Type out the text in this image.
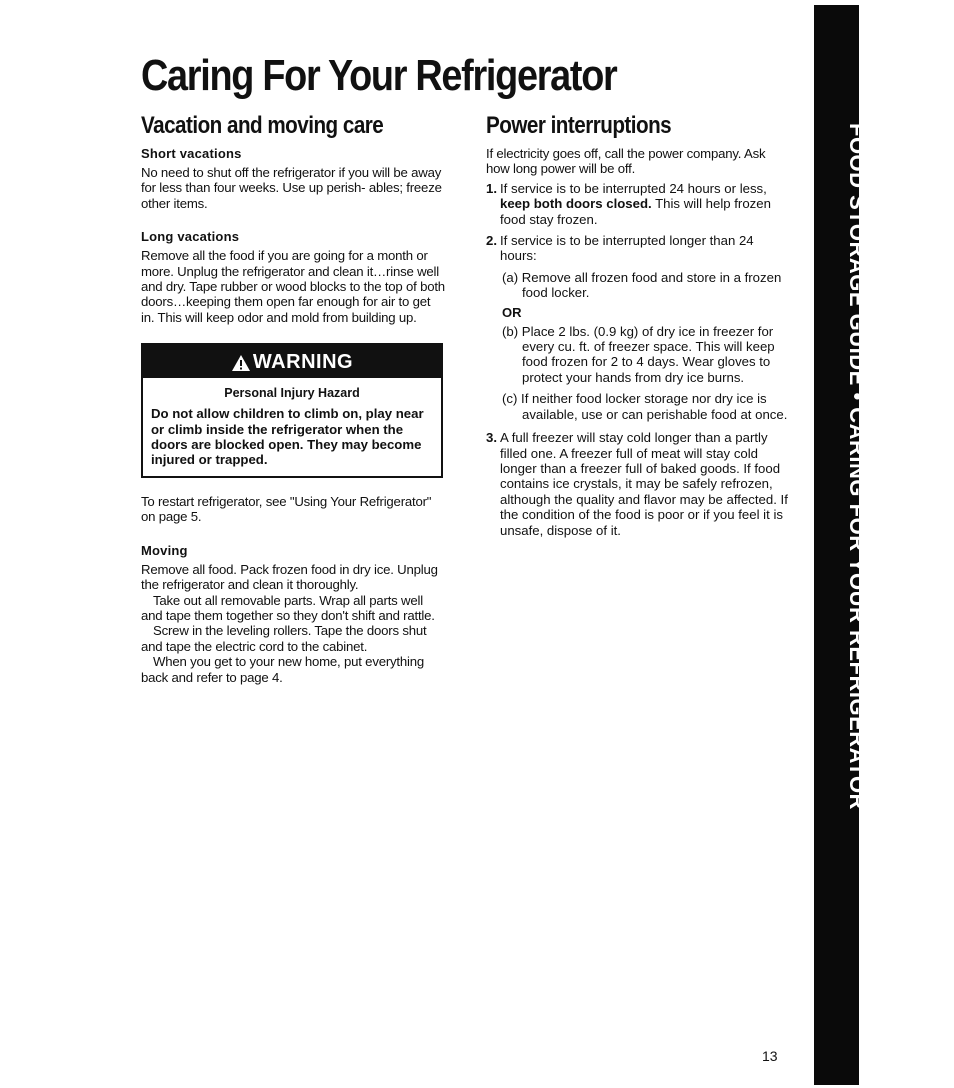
Caring For Your Refrigerator
Vacation and moving care	Power interruptions
Short vacations

No need to shut off the refrigerator if you will be away for less than four weeks. Use up perish- ables; freeze other items.

Long vacations

Remove all the food if you are going for a month or more. Unplug the refrigerator and clean it…rinse well and dry. Tape rubber or wood blocks to the top of both doors…keeping them open far enough for air to get in. This will keep odor and mold from building up.

WARNING
Personal Injury Hazard
Do not allow children to climb on, play near or climb inside the refrigerator when the doors are blocked open. They may become injured or trapped.

To restart refrigerator, see "Using Your Refrigerator" on page 5.

Moving

Remove all food. Pack frozen food in dry ice. Unplug the refrigerator and clean it thoroughly.

Take out all removable parts. Wrap all parts well and tape them together so they don't shift and rattle.

Screw in the leveling rollers. Tape the doors shut and tape the electric cord to the cabinet.

When you get to your new home, put everything back and refer to page 4.

If electricity goes off, call the power company. Ask how long power will be off.

1. If service is to be interrupted 24 hours or less, keep both doors closed. This will help frozen food stay frozen.
2. If service is to be interrupted longer than 24 hours:
(a) Remove all frozen food and store in a frozen food locker.
OR
(b) Place 2 lbs. (0.9 kg) of dry ice in freezer for every cu. ft. of freezer space. This will keep food frozen for 2 to 4 days. Wear gloves to protect your hands from dry ice burns.
(c) If neither food locker storage nor dry ice is available, use or can perishable food at once.
3. A full freezer will stay cold longer than a partly filled one. A freezer full of meat will stay cold longer than a freezer full of baked goods. If food contains ice crystals, it may be safely refrozen, although the quality and flavor may be affected. If the condition of the food is poor or if you feel it is unsafe, dispose of it.	FOOD STORAGE GUIDE • CARING FOR YOUR REFRIGERATOR
13
